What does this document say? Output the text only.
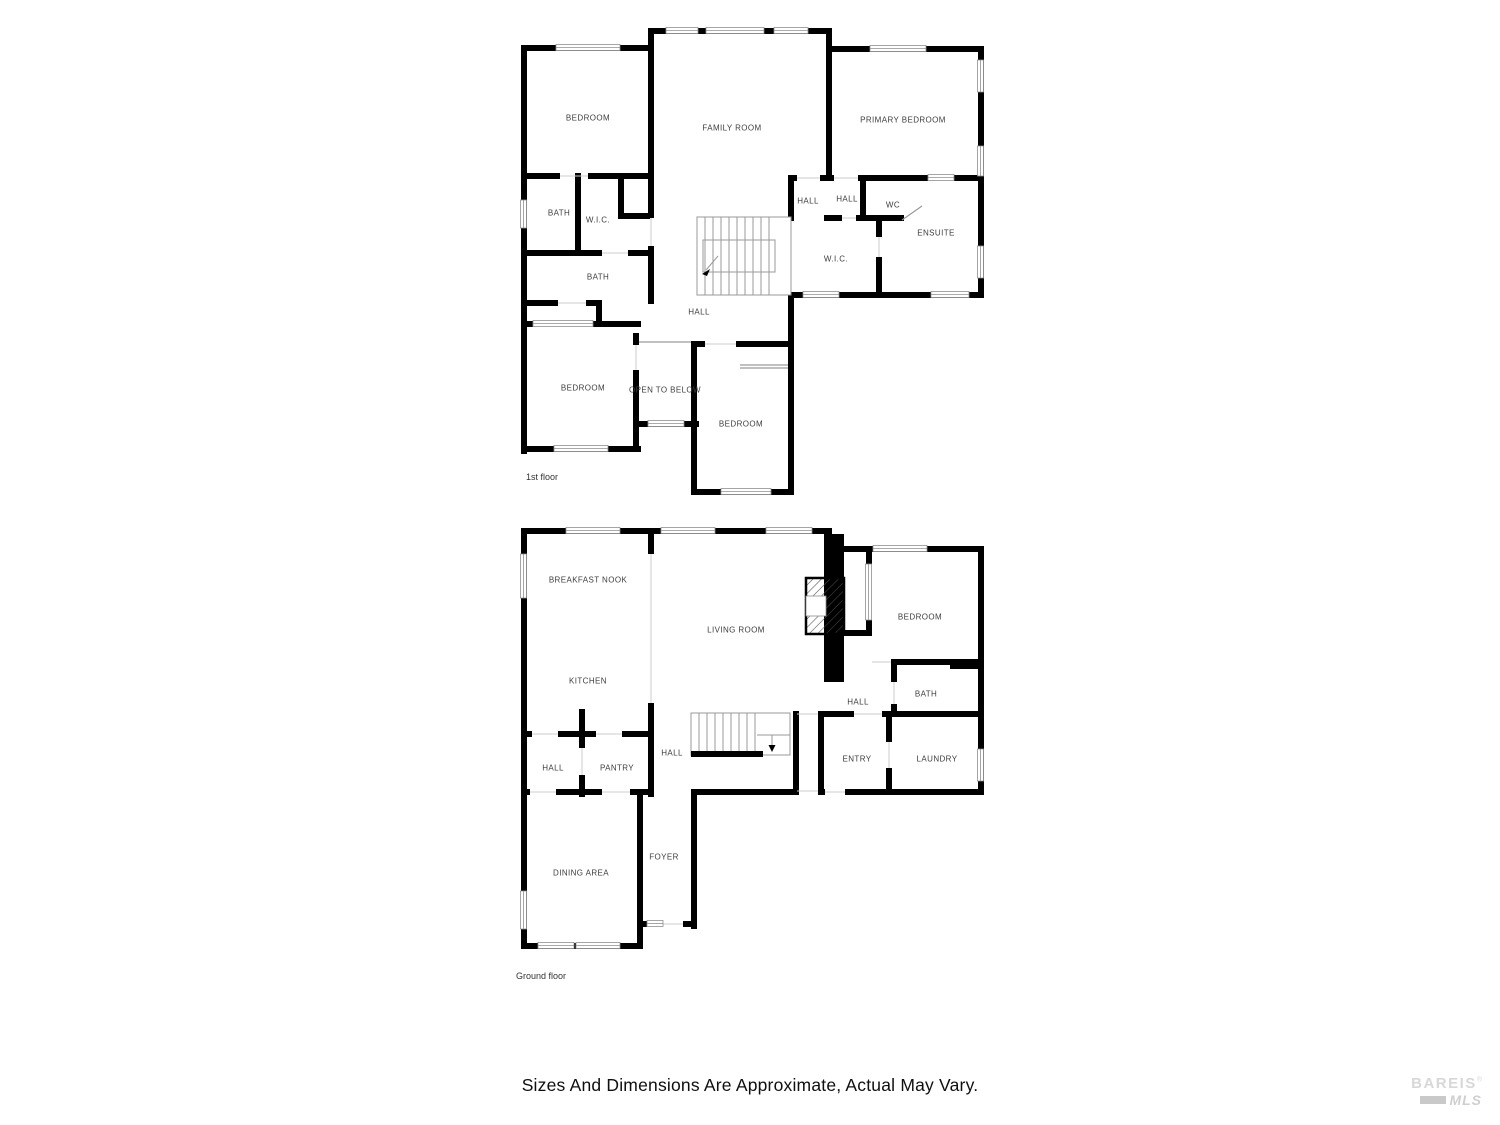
BEDROOM
FAMILY ROOM
PRIMARY BEDROOM
BATH
W.I.C.
HALL HALL
WC
ENSUITE
W.I.C.
BATH
HALL
BEDROOM	OPEN TO BELOW
BEDROOM
1st floor
BREAKFAST NOOK
LIVING ROOM
BEDROOM
KITCHEN
HALL
BATH
HALL	PANTRY
HALL
ENTRY	LAUNDRY
FOYER
DINING AREA
Ground floor
Sizes And Dimensions Are Approximate, Actual May Vary.	BAREIS®
MLS
